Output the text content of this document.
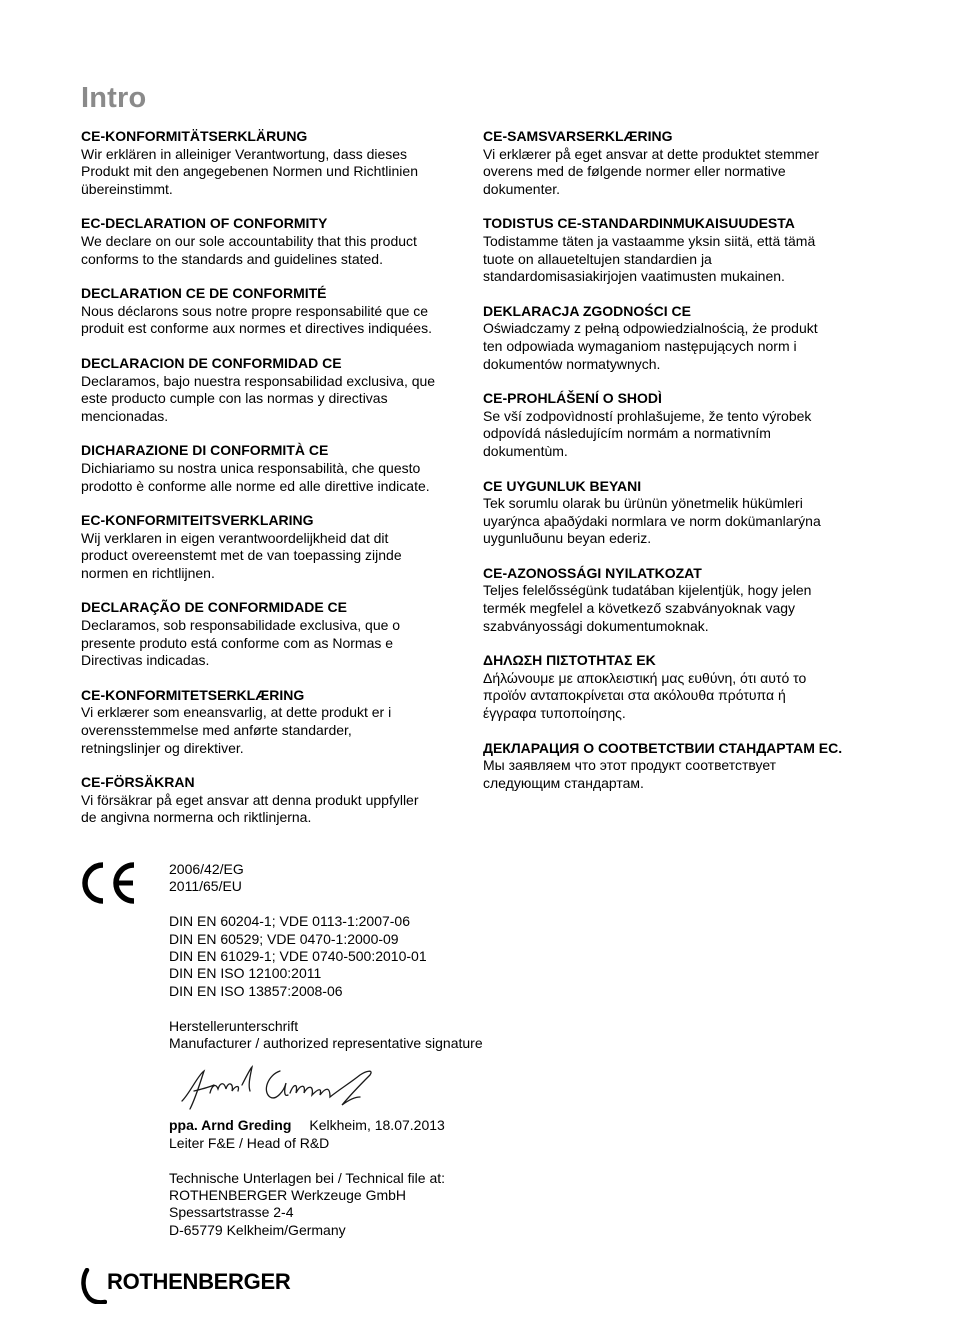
Intro
CE-KONFORMITÄTSERKLÄRUNG

Wir erklären in alleiniger Verantwortung, dass dieses

Produkt mit den angegebenen Normen und Richtlinien

übereinstimmt.

EC-DECLARATION OF CONFORMITY

We declare on our sole accountability that this product

conforms to the standards and guidelines stated.

DECLARATION CE DE CONFORMITÉ

Nous déclarons sous notre propre responsabilité que ce

produit est conforme aux normes et directives indiquées.

DECLARACION DE CONFORMIDAD CE

Declaramos, bajo nuestra responsabilidad exclusiva, que

este producto cumple con las normas y directivas

mencionadas.

DICHARAZIONE DI CONFORMITÀ CE

Dichiariamo su nostra unica responsabilità, che questo

prodotto è conforme alle norme ed alle direttive indicate.

EC-KONFORMITEITSVERKLARING

Wij verklaren in eigen verantwoordelijkheid dat dit

product overeenstemt met de van toepassing zijnde

normen en richtlijnen.

DECLARAÇÃO DE CONFORMIDADE CE

Declaramos, sob responsabilidade exclusiva, que o

presente produto está conforme com as Normas e

Directivas indicadas.

CE-KONFORMITETSERKLÆRING

Vi erklærer som eneansvarlig, at dette produkt er i

overensstemmelse med anførte standarder,

retningslinjer og direktiver.

CE-FÖRSÄKRAN

Vi försäkrar på eget ansvar att denna produkt uppfyller

de angivna normerna och riktlinjerna.

CE-SAMSVARSERKLÆRING

Vi erklærer på eget ansvar at dette produktet stemmer

overens med de følgende normer eller normative

dokumenter.

TODISTUS CE-STANDARDINMUKAISUUDESTA

Todistamme täten ja vastaamme yksin siitä, että tämä

tuote on allaueteltujen standardien ja

standardomisasiakirjojen vaatimusten mukainen.

DEKLARACJA ZGODNOŚCI CE

Oświadczamy z pełną odpowiedzialnością, że produkt

ten odpowiada wymaganiom następujących norm i

dokumentów normatywnych.

CE-PROHLÁŠENÍ O SHODÌ

Se vší zodpovìdností prohlašujeme, že tento výrobek

odpovídá následujícím normám a normativním

dokumentùm.

CE UYGUNLUK BEYANI

Tek sorumlu olarak bu ürünün yönetmelik hükümleri

uyarýnca aþaðýdaki normlara ve norm dokümanlarýna

uygunluðunu beyan ederiz.

CE-AZONOSSÁGI NYILATKOZAT

Teljes felelősségünk tudatában kijelentjük, hogy jelen

termék megfelel a következő szabványoknak vagy

szabványossági dokumentumoknak.

ΔΗΛΩΣΗ ΠΙΣΤΟΤΗΤΑΣ ΕΚ

Δήλώνουμε με αποκλειστική μας ευθύνη, ότι αυτό το

προϊόν ανταποκρίνεται στα ακόλουθα πρότυπα ή

έγγραφα τυποποίησης.

ДЕКЛАРАЦИЯ О СООТВЕТСТВИИ СТАНДАРТАМ EC.

Мы заявляем что этот продукт соответствует

следующим стандартам.

2006/42/EG
2011/65/EU
DIN EN 60204-1; VDE 0113-1:2007-06
DIN EN 60529; VDE 0470-1:2000-09
DIN EN 61029-1; VDE 0740-500:2010-01
DIN EN ISO 12100:2011
DIN EN ISO 13857:2008-06
Herstellerunterschrift
Manufacturer / authorized representative signature
ppa. Arnd Greding Kelkheim, 18.07.2013
Leiter F&E / Head of R&D
Technische Unterlagen bei / Technical file at:
ROTHENBERGER Werkzeuge GmbH
Spessartstrasse 2-4
D-65779 Kelkheim/Germany
ROTHENBERGER
